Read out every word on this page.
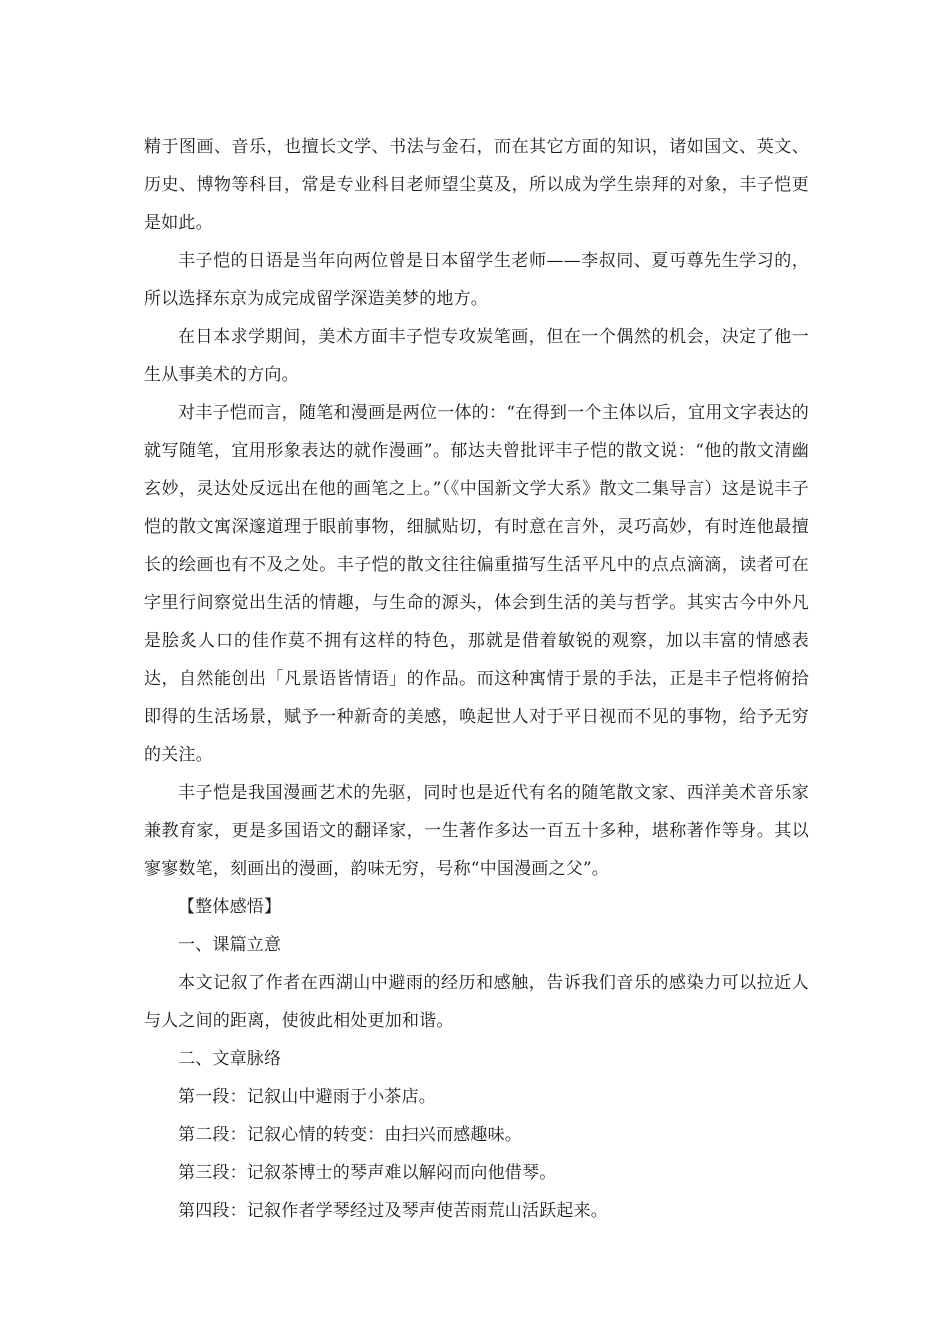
精于图画、音乐，也擅长文学、书法与金石，而在其它方面的知识，诸如国文、英文、历史、博物等科目，常是专业科目老师望尘莫及，所以成为学生崇拜的对象，丰子恺更是如此。

丰子恺的日语是当年向两位曾是日本留学生老师——李叔同、夏丏尊先生学习的，所以选择东京为成完成留学深造美梦的地方。

在日本求学期间，美术方面丰子恺专攻炭笔画，但在一个偶然的机会，决定了他一生从事美术的方向。

对丰子恺而言，随笔和漫画是两位一体的：“在得到一个主体以后，宜用文字表达的就写随笔，宜用形象表达的就作漫画”。郁达夫曾批评丰子恺的散文说：“他的散文清幽玄妙，灵达处反远出在他的画笔之上。”（《中国新文学大系》散文二集导言）这是说丰子恺的散文寓深邃道理于眼前事物，细腻贴切，有时意在言外，灵巧高妙，有时连他最擅长的绘画也有不及之处。丰子恺的散文往往偏重描写生活平凡中的点点滴滴，读者可在字里行间察觉出生活的情趣，与生命的源头，体会到生活的美与哲学。其实古今中外凡是脍炙人口的佳作莫不拥有这样的特色，那就是借着敏锐的观察，加以丰富的情感表达，自然能创出「凡景语皆情语」的作品。而这种寓情于景的手法，正是丰子恺将俯拾即得的生活场景，赋予一种新奇的美感，唤起世人对于平日视而不见的事物，给予无穷的关注。

丰子恺是我国漫画艺术的先驱，同时也是近代有名的随笔散文家、西洋美术音乐家兼教育家，更是多国语文的翻译家，一生著作多达一百五十多种，堪称著作等身。其以寥寥数笔，刻画出的漫画，韵味无穷，号称“中国漫画之父”。

【整体感悟】

一、课篇立意

本文记叙了作者在西湖山中避雨的经历和感触，告诉我们音乐的感染力可以拉近人与人之间的距离，使彼此相处更加和谐。

二、文章脉络

第一段：记叙山中避雨于小茶店。

第二段：记叙心情的转变：由扫兴而感趣味。

第三段：记叙茶博士的琴声难以解闷而向他借琴。

第四段：记叙作者学琴经过及琴声使苦雨荒山活跃起来。
